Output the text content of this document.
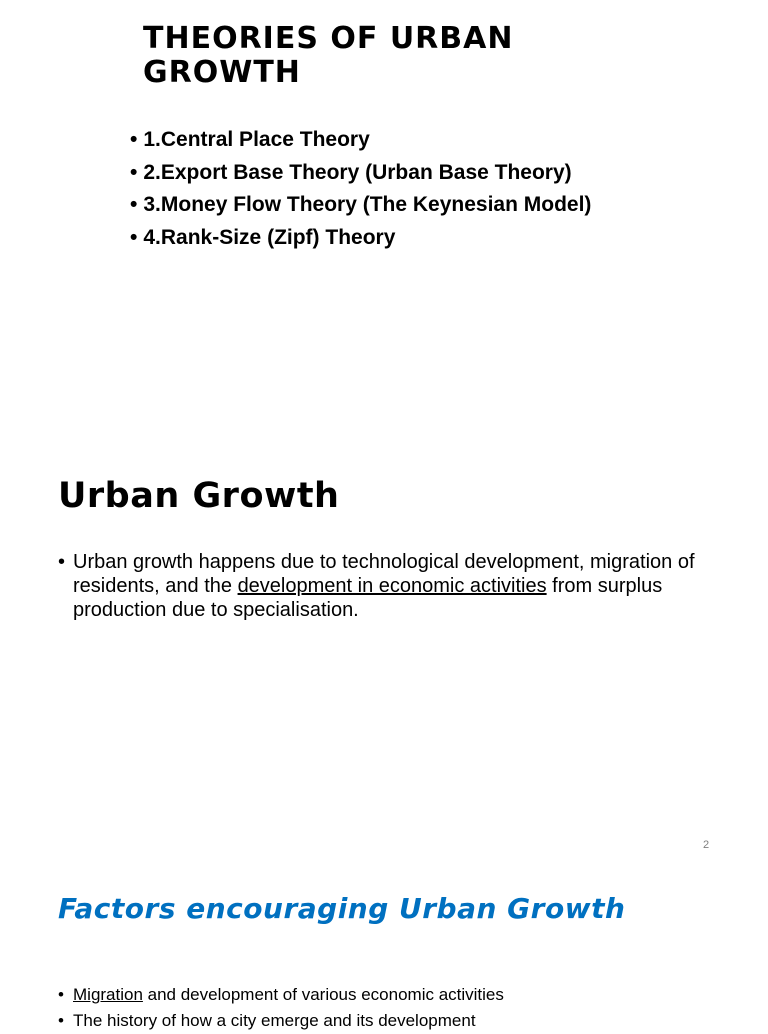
THEORIES OF URBAN GROWTH
• 1.Central Place Theory
• 2.Export Base Theory (Urban Base Theory)
• 3.Money Flow Theory (The Keynesian Model)
• 4.Rank-Size (Zipf) Theory
Urban Growth
• Urban growth happens due to technological development, migration of residents, and the development in economic activities from surplus production due to specialisation.
2
Factors encouraging Urban Growth
• Migration and development of various economic activities
• The history of how a city emerge and its development
